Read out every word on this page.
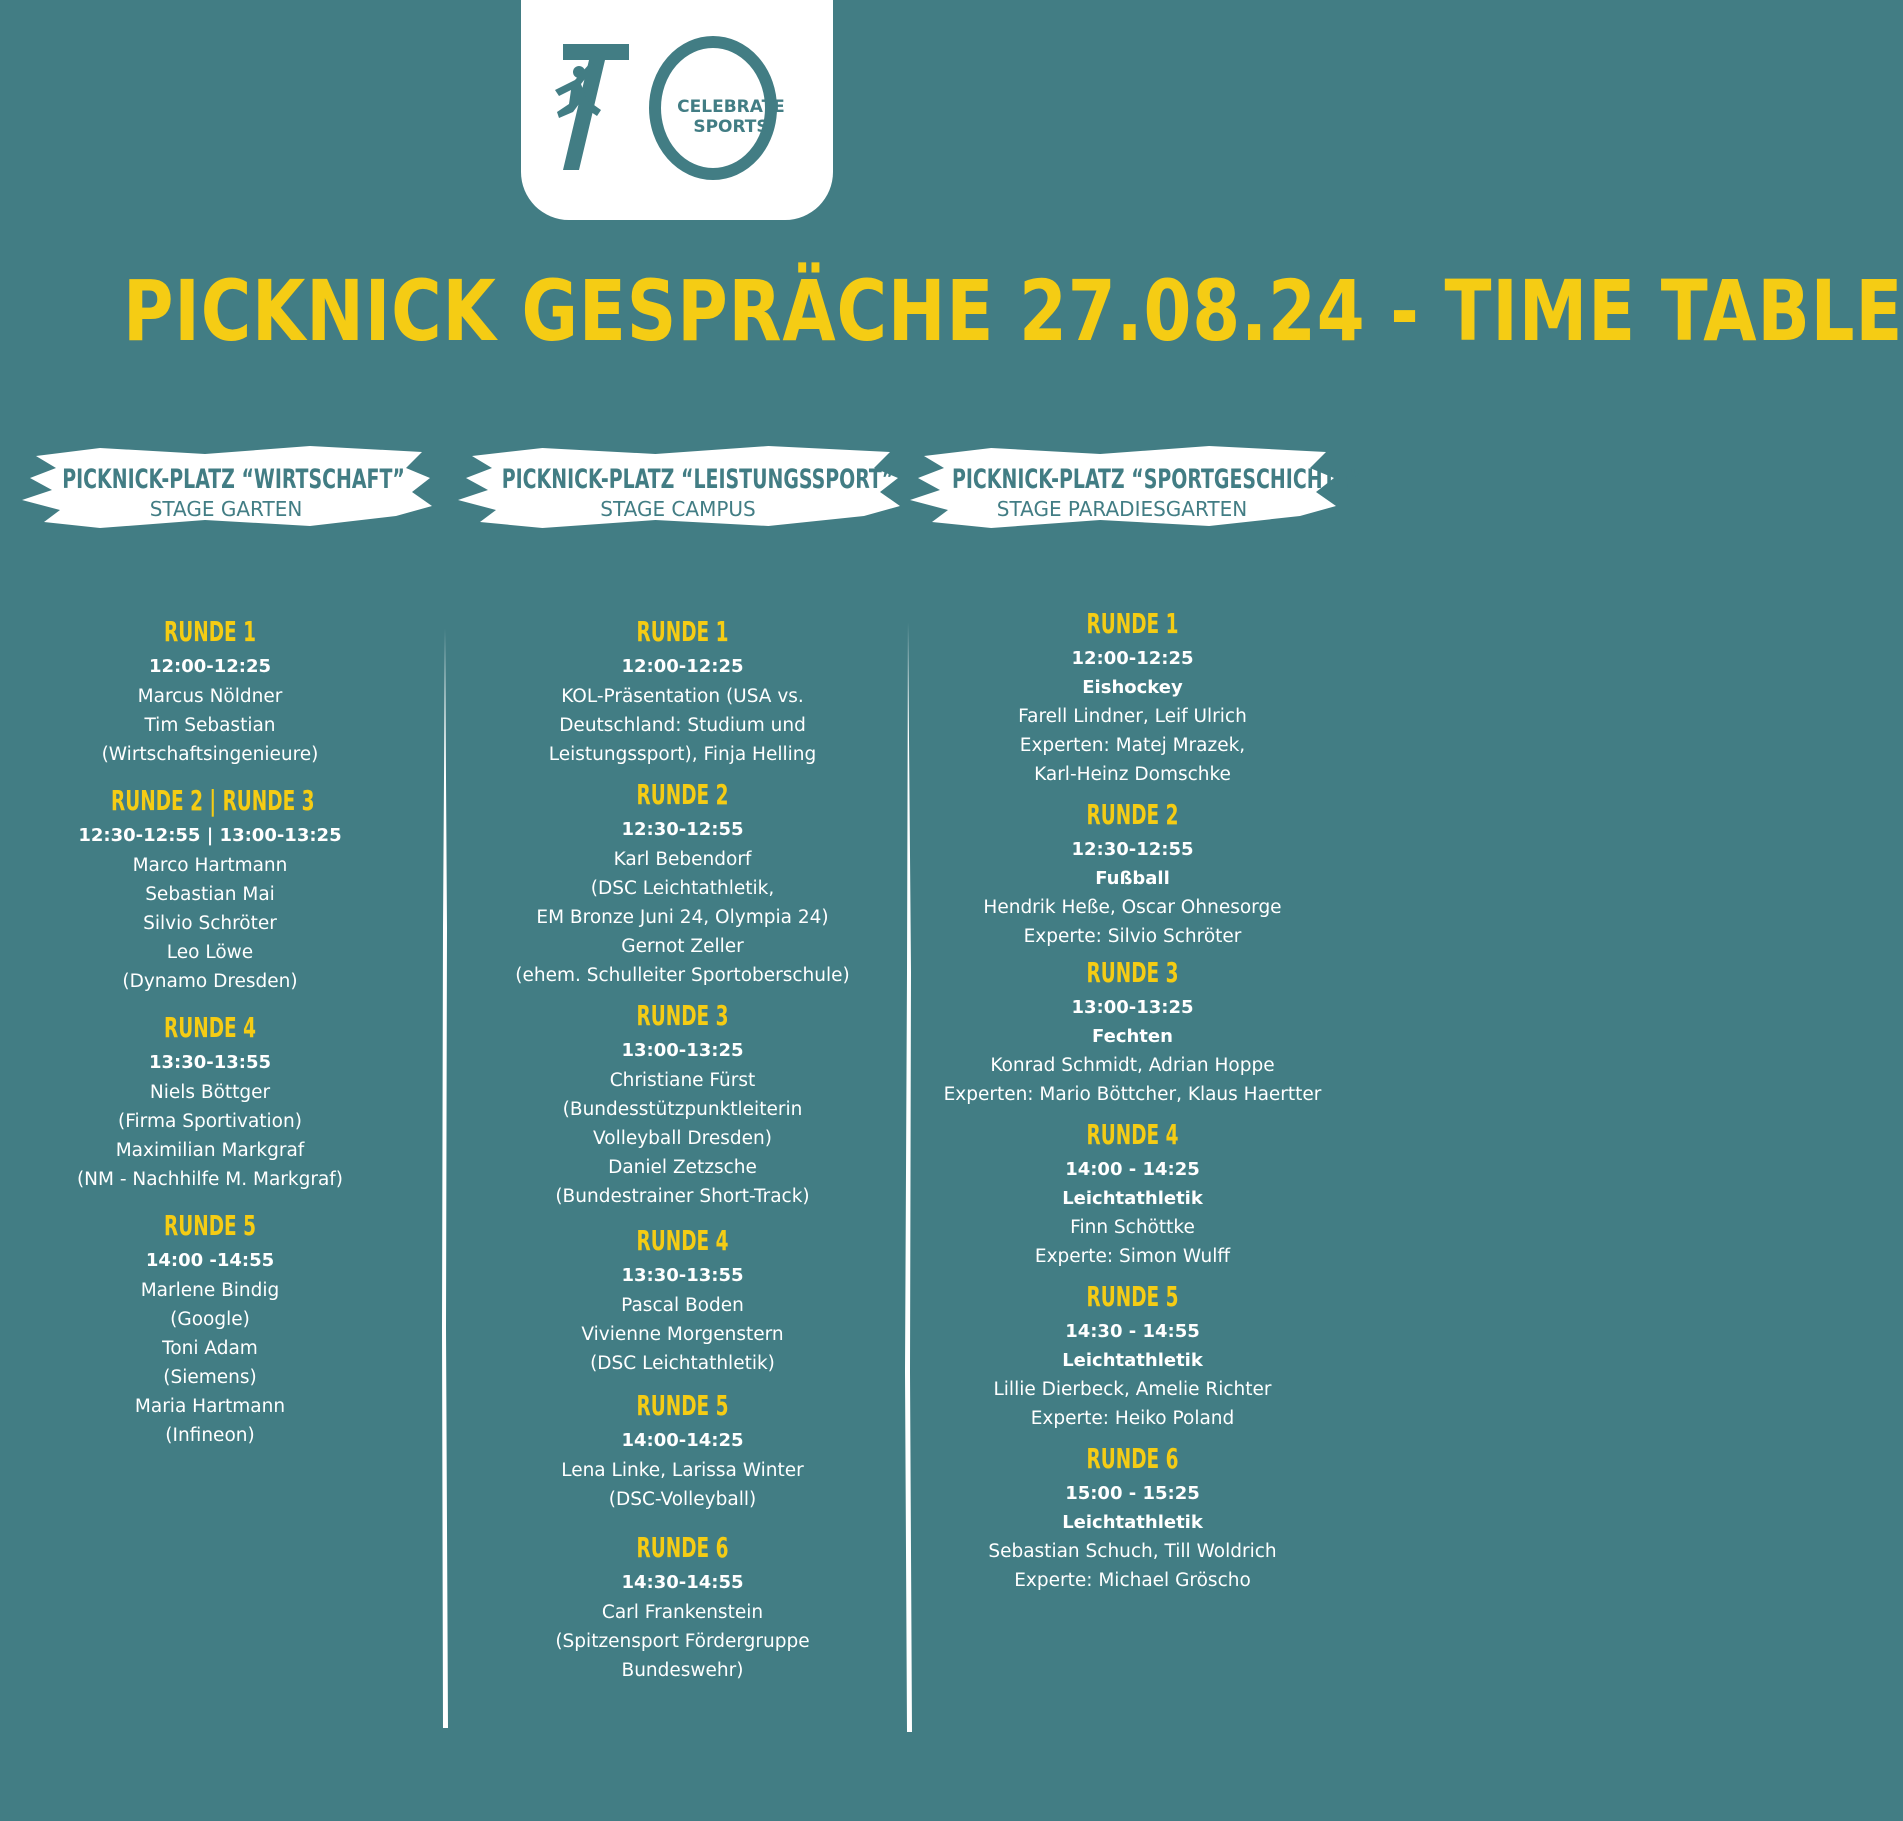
CELEBRATE
SPORTS
PICKNICK GESPRÄCHE 27.08.24 - TIME TABLE
PICKNICK-PLATZ “WIRTSCHAFT”
STAGE GARTEN
PICKNICK-PLATZ “LEISTUNGSSPORT”
STAGE CAMPUS
PICKNICK-PLATZ “SPORTGESCHICHTE”
STAGE PARADIESGARTEN
RUNDE 1
12:00-12:25
Marcus Nöldner
Tim Sebastian
(Wirtschaftsingenieure)
RUNDE 2 | RUNDE 3
12:30-12:55 | 13:00-13:25
Marco Hartmann
Sebastian Mai
Silvio Schröter
Leo Löwe
(Dynamo Dresden)
RUNDE 4
13:30-13:55
Niels Böttger
(Firma Sportivation)
Maximilian Markgraf
(NM - Nachhilfe M. Markgraf)
RUNDE 5
14:00 -14:55
Marlene Bindig
(Google)
Toni Adam
(Siemens)
Maria Hartmann
(Infineon)
RUNDE 1
12:00-12:25
KOL-Präsentation (USA vs.
Deutschland: Studium und
Leistungssport), Finja Helling
RUNDE 2
12:30-12:55
Karl Bebendorf
(DSC Leichtathletik,
EM Bronze Juni 24, Olympia 24)
Gernot Zeller
(ehem. Schulleiter Sportoberschule)
RUNDE 3
13:00-13:25
Christiane Fürst
(Bundesstützpunktleiterin
Volleyball Dresden)
Daniel Zetzsche
(Bundestrainer Short-Track)
RUNDE 4
13:30-13:55
Pascal Boden
Vivienne Morgenstern
(DSC Leichtathletik)
RUNDE 5
14:00-14:25
Lena Linke, Larissa Winter
(DSC-Volleyball)
RUNDE 6
14:30-14:55
Carl Frankenstein
(Spitzensport Fördergruppe
Bundeswehr)
RUNDE 1
12:00-12:25
Eishockey
Farell Lindner, Leif Ulrich
Experten: Matej Mrazek,
Karl-Heinz Domschke
RUNDE 2
12:30-12:55
Fußball
Hendrik Heße, Oscar Ohnesorge
Experte: Silvio Schröter
RUNDE 3
13:00-13:25
Fechten
Konrad Schmidt, Adrian Hoppe
Experten: Mario Böttcher, Klaus Haertter
RUNDE 4
14:00 - 14:25
Leichtathletik
Finn Schöttke
Experte: Simon Wulff
RUNDE 5
14:30 - 14:55
Leichtathletik
Lillie Dierbeck, Amelie Richter
Experte: Heiko Poland
RUNDE 6
15:00 - 15:25
Leichtathletik
Sebastian Schuch, Till Woldrich
Experte: Michael Gröscho
